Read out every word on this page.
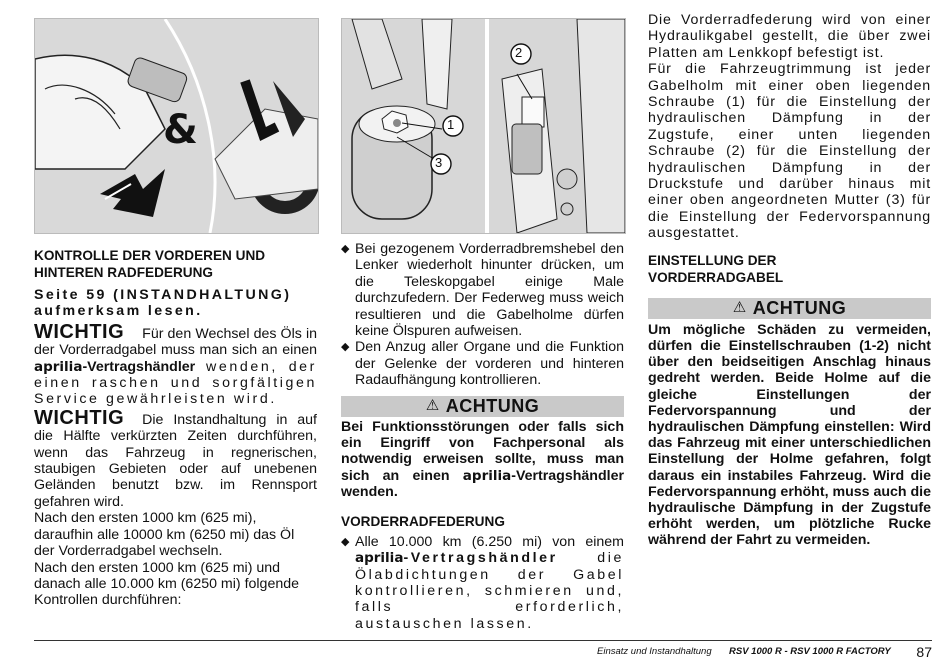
&	1
2
3

KONTROLLE DER VORDEREN UND HINTEREN RADFEDERUNG

Seite 59 (INSTANDHALTUNG) aufmerksam lesen.

WICHTIG Für den Wechsel des Öls in der Vorderradgabel muss man sich an einen aprilia-Vertragshändler wenden, der einen raschen und sorgfältigen Service gewährleisten wird.

WICHTIG Die Instandhaltung in auf die Hälfte verkürzten Zeiten durchführen, wenn das Fahrzeug in regnerischen, staubigen Gebieten oder auf unebenen Geländen benutzt bzw. im Rennsport gefahren wird.

Nach den ersten 1000 km (625 mi), daraufhin alle 10000 km (6250 mi) das Öl der Vorderradgabel wechseln.

Nach den ersten 1000 km (625 mi) und danach alle 10.000 km (6250 mi) folgende Kontrollen durchführen:

◆ Bei gezogenem Vorderradbremshebel den Lenker wiederholt hinunter drücken, um die Teleskopgabel einige Male durchzufedern. Der Federweg muss weich resultieren und die Gabelholme dürfen keine Ölspuren aufweisen.

◆ Den Anzug aller Organe und die Funktion der Gelenke der vorderen und hinteren Radaufhängung kontrollieren.

⚠ ACHTUNG

Bei Funktionsstörungen oder falls sich ein Eingriff von Fachpersonal als notwendig erweisen sollte, muss man sich an einen aprilia-Vertragshändler wenden.

VORDERRADFEDERUNG

◆ Alle 10.000 km (6.250 mi) von einem aprilia-Vertragshändler die Ölabdichtungen der Gabel kontrollieren, schmieren und, falls erforderlich, austauschen lassen.

Die Vorderradfederung wird von einer Hydraulikgabel gestellt, die über zwei Platten am Lenkkopf befestigt ist.

Für die Fahrzeugtrimmung ist jeder Gabelholm mit einer oben liegenden Schraube (1) für die Einstellung der hydraulischen Dämpfung in der Zugstufe, einer unten liegenden Schraube (2) für die Einstellung der hydraulischen Dämpfung in der Druckstufe und darüber hinaus mit einer oben angeordneten Mutter (3) für die Einstellung der Federvorspannung ausgestattet.

EINSTELLUNG DER VORDERRADGABEL

⚠ ACHTUNG

Um mögliche Schäden zu vermeiden, dürfen die Einstellschrauben (1-2) nicht über den beidseitigen Anschlag hinaus gedreht werden. Beide Holme auf die gleiche Einstellungen der Federvorspannung und der hydraulischen Dämpfung einstellen: Wird das Fahrzeug mit einer unterschiedlichen Einstellung der Holme gefahren, folgt daraus ein instabiles Fahrzeug. Wird die Federvorspannung erhöht, muss auch die hydraulische Dämpfung in der Zugstufe erhöht werden, um plötzliche Rucke während der Fahrt zu vermeiden.

Einsatz und Instandhaltung RSV 1000 R - RSV 1000 R FACTORY 87
